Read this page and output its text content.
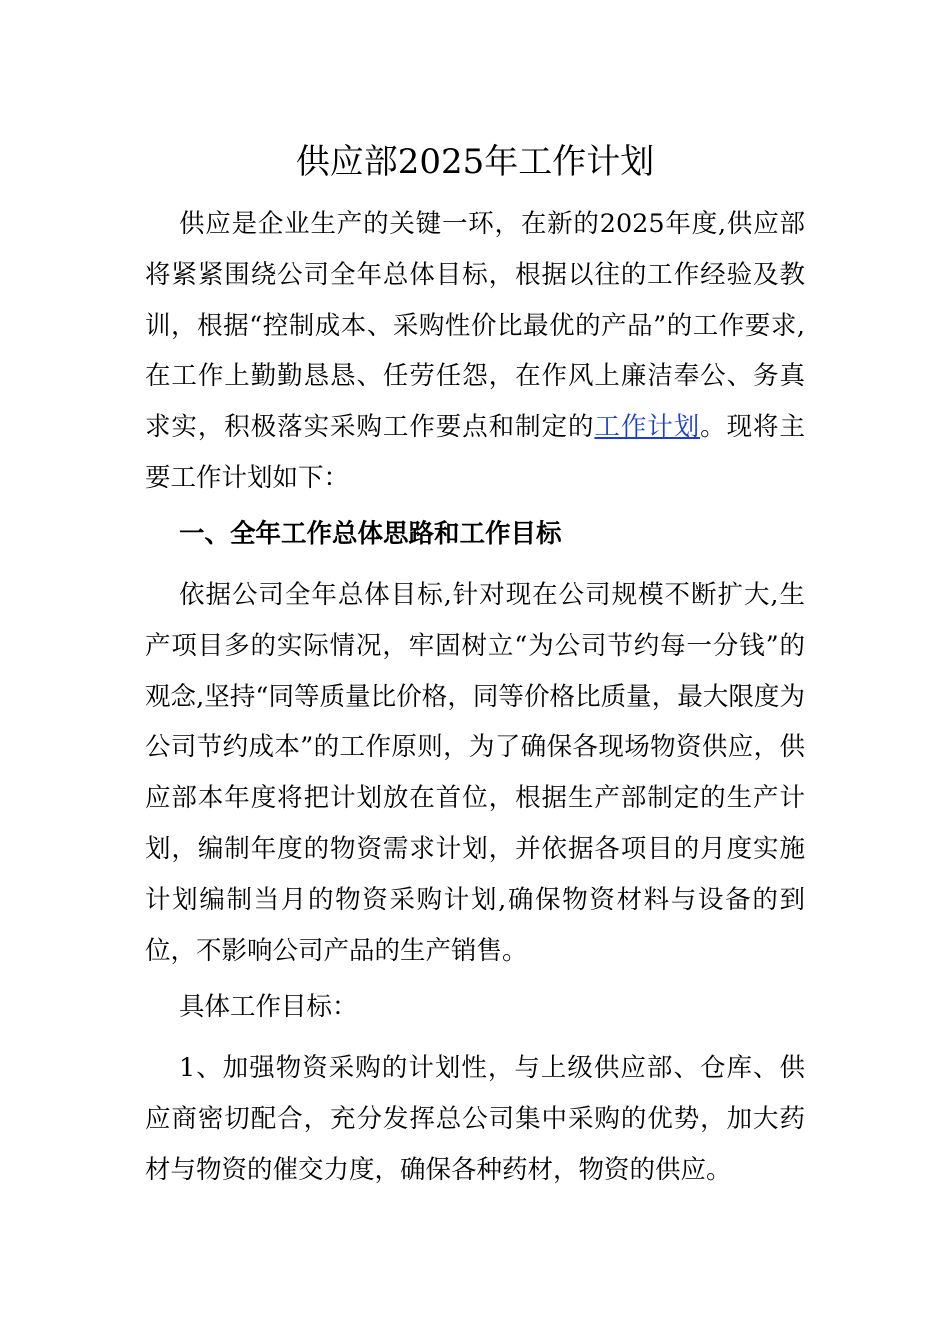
供应部2025年工作计划

供应是企业生产的关键一环，在新的2025年度,供应部将紧紧围绕公司全年总体目标，根据以往的工作经验及教训，根据“控制成本、采购性价比最优的产品”的工作要求,在工作上勤勤恳恳、任劳任怨，在作风上廉洁奉公、务真求实，积极落实采购工作要点和制定的工作计划。现将主要工作计划如下：

一、全年工作总体思路和工作目标

依据公司全年总体目标,针对现在公司规模不断扩大,生产项目多的实际情况，牢固树立“为公司节约每一分钱”的观念,坚持“同等质量比价格，同等价格比质量，最大限度为公司节约成本”的工作原则，为了确保各现场物资供应，供应部本年度将把计划放在首位，根据生产部制定的生产计划，编制年度的物资需求计划，并依据各项目的月度实施计划编制当月的物资采购计划,确保物资材料与设备的到位，不影响公司产品的生产销售。

具体工作目标：

1、加强物资采购的计划性，与上级供应部、仓库、供应商密切配合，充分发挥总公司集中采购的优势，加大药材与物资的催交力度，确保各种药材，物资的供应。
